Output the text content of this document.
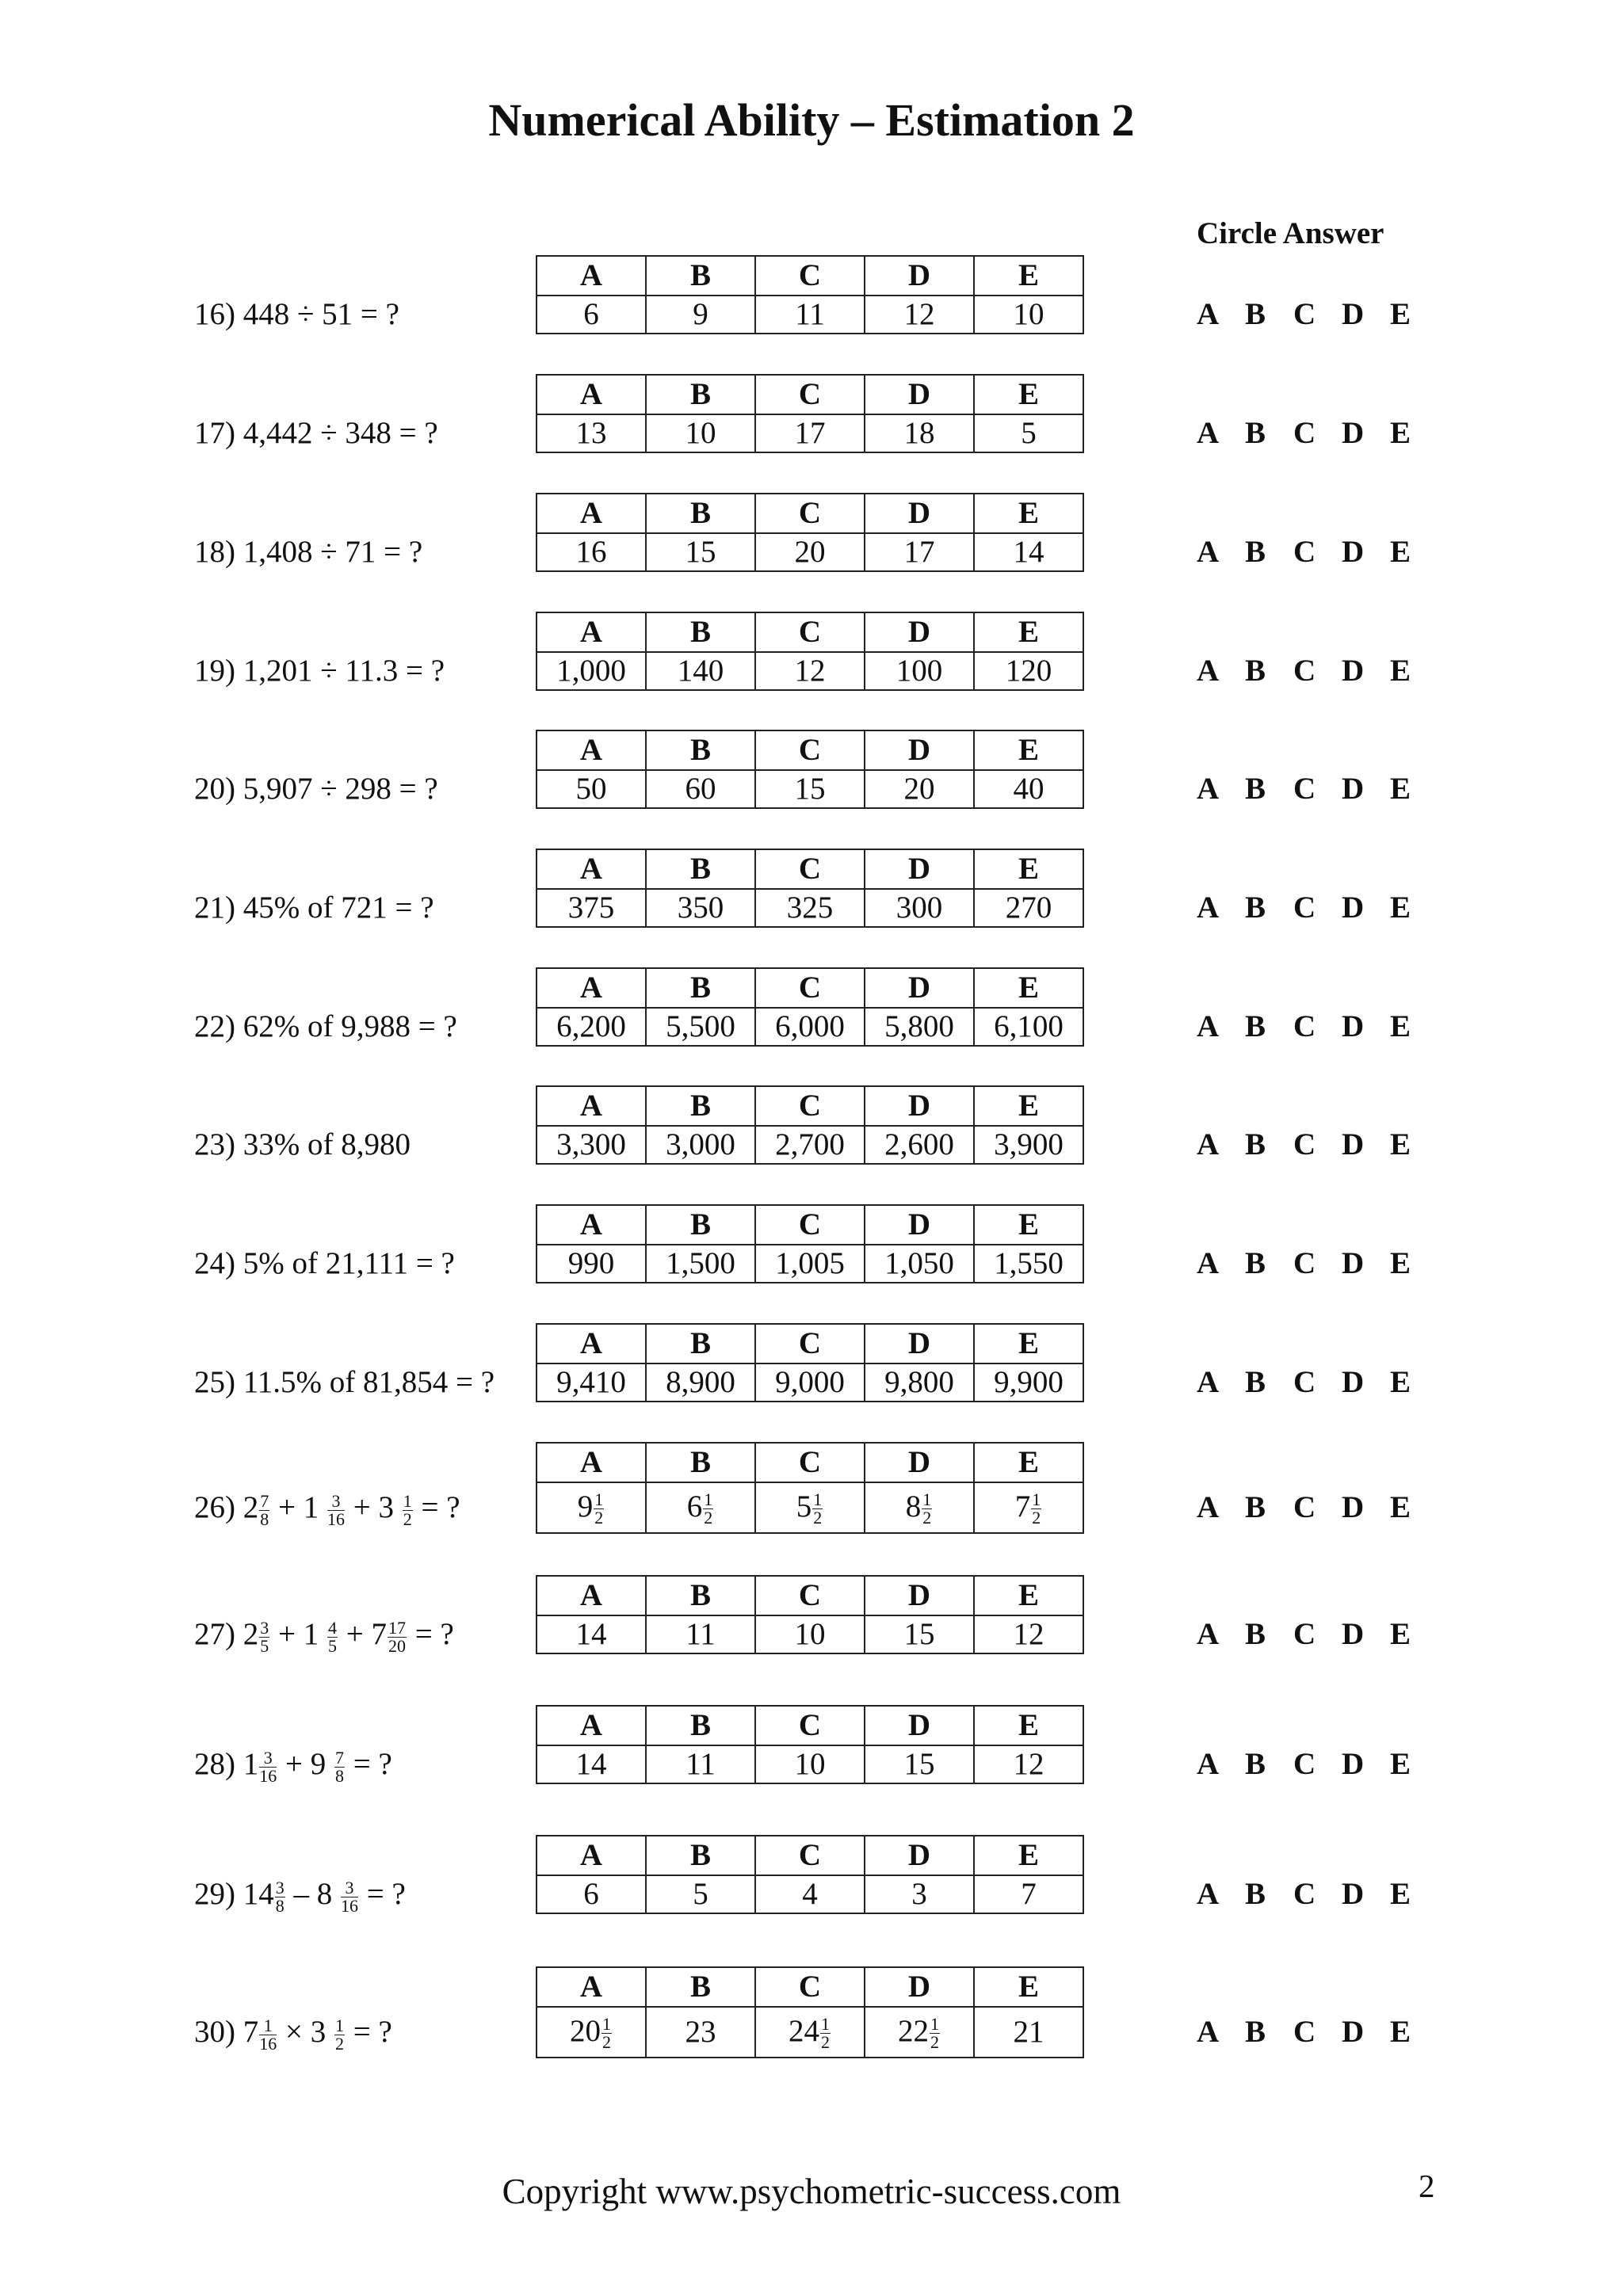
Numerical Ability – Estimation 2
Circle Answer
16) 448 ÷ 51 = ?
A	B	C	D	E
6	9	11	12	10	A B C D E
17) 4,442 ÷ 348 = ?
A	B	C	D	E
13	10	17	18	5	A B C D E
18) 1,408 ÷ 71 = ?
A	B	C	D	E
16	15	20	17	14	A B C D E
19) 1,201 ÷ 11.3 = ?
A	B	C	D	E
1,000	140	12	100	120	A B C D E
20) 5,907 ÷ 298 = ?
A	B	C	D	E
50	60	15	20	40	A B C D E
21) 45% of 721 = ?
A	B	C	D	E
375	350	325	300	270	A B C D E
22) 62% of 9,988 = ?
A	B	C	D	E
6,200	5,500	6,000	5,800	6,100	A B C D E
23) 33% of 8,980
A	B	C	D	E
3,300	3,000	2,700	2,600	3,900	A B C D E
24) 5% of 21,111 = ?
A	B	C	D	E
990	1,500	1,005	1,050	1,550	A B C D E
25) 11.5% of 81,854 = ?
A	B	C	D	E
9,410	8,900	9,000	9,800	9,900	A B C D E
26) $2 \frac{7}{8} + 1 \frac{3}{16} + 3 \frac{1}{2}$ = ?
A	B	C	D	E
$9 \frac{1}{2}$	$6 \frac{1}{2}$	$5 \frac{1}{2}$	$8 \frac{1}{2}$	$7 \frac{1}{2}$	A B C D E
27) $2 \frac{3}{5} + 1 \frac{4}{5} + 7 \frac{17}{20}$ = ?
A	B	C	D	E
14	11	10	15	12	A B C D E
28) $1 \frac{3}{16} + 9 \frac{7}{8}$ = ?
A	B	C	D	E
14	11	10	15	12	A B C D E
29) $14 \frac{3}{8} - 8 \frac{3}{16}$ = ?
A	B	C	D	E
6	5	4	3	7	A B C D E
30) $7 \frac{1}{16} \times 3 \frac{1}{2}$ = ?
A	B	C	D	E
$20 \frac{1}{2}$	23	$24 \frac{1}{2}$	$22 \frac{1}{2}$	21	A B C D E
Copyright www.psychometric-success.com	2
